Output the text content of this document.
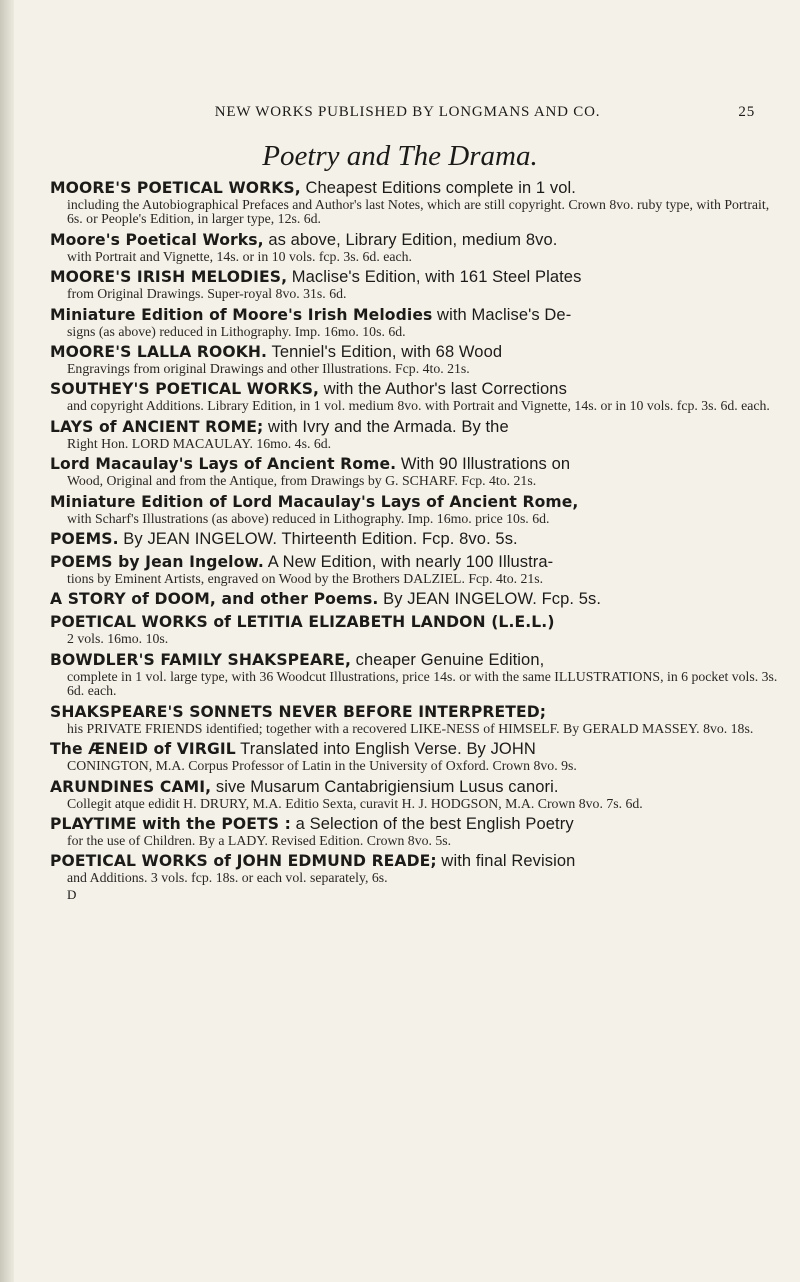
NEW WORKS PUBLISHED BY LONGMANS AND CO.	25
Poetry and The Drama.
MOORE'S POETICAL WORKS, Cheapest Editions complete in 1 vol.
including the Autobiographical Prefaces and Author's last Notes, which are still copyright. Crown 8vo. ruby type, with Portrait, 6s. or People's Edition, in larger type, 12s. 6d.
Moore's Poetical Works, as above, Library Edition, medium 8vo.
with Portrait and Vignette, 14s. or in 10 vols. fcp. 3s. 6d. each.
MOORE'S IRISH MELODIES, Maclise's Edition, with 161 Steel Plates
from Original Drawings. Super-royal 8vo. 31s. 6d.
Miniature Edition of Moore's Irish Melodies with Maclise's De-
signs (as above) reduced in Lithography. Imp. 16mo. 10s. 6d.
MOORE'S LALLA ROOKH. Tenniel's Edition, with 68 Wood
Engravings from original Drawings and other Illustrations. Fcp. 4to. 21s.
SOUTHEY'S POETICAL WORKS, with the Author's last Corrections
and copyright Additions. Library Edition, in 1 vol. medium 8vo. with Portrait and Vignette, 14s. or in 10 vols. fcp. 3s. 6d. each.
LAYS of ANCIENT ROME; with Ivry and the Armada. By the
Right Hon. LORD MACAULAY. 16mo. 4s. 6d.
Lord Macaulay's Lays of Ancient Rome. With 90 Illustrations on
Wood, Original and from the Antique, from Drawings by G. SCHARF. Fcp. 4to. 21s.
Miniature Edition of Lord Macaulay's Lays of Ancient Rome,
with Scharf's Illustrations (as above) reduced in Lithography. Imp. 16mo. price 10s. 6d.
POEMS. By JEAN INGELOW. Thirteenth Edition. Fcp. 8vo. 5s.
POEMS by Jean Ingelow. A New Edition, with nearly 100 Illustra-
tions by Eminent Artists, engraved on Wood by the Brothers DALZIEL. Fcp. 4to. 21s.
A STORY of DOOM, and other Poems. By JEAN INGELOW. Fcp. 5s.
POETICAL WORKS of LETITIA ELIZABETH LANDON (L.E.L.)
2 vols. 16mo. 10s.
BOWDLER'S FAMILY SHAKSPEARE, cheaper Genuine Edition,
complete in 1 vol. large type, with 36 Woodcut Illustrations, price 14s. or with the same ILLUSTRATIONS, in 6 pocket vols. 3s. 6d. each.
SHAKSPEARE'S SONNETS NEVER BEFORE INTERPRETED;
his PRIVATE FRIENDS identified; together with a recovered LIKE-NESS of HIMSELF. By GERALD MASSEY. 8vo. 18s.
The ÆNEID of VIRGIL Translated into English Verse. By JOHN
CONINGTON, M.A. Corpus Professor of Latin in the University of Oxford. Crown 8vo. 9s.
ARUNDINES CAMI, sive Musarum Cantabrigiensium Lusus canori.
Collegit atque edidit H. DRURY, M.A. Editio Sexta, curavit H. J. HODGSON, M.A. Crown 8vo. 7s. 6d.
PLAYTIME with the POETS : a Selection of the best English Poetry
for the use of Children. By a LADY. Revised Edition. Crown 8vo. 5s.
POETICAL WORKS of JOHN EDMUND READE; with final Revision
and Additions. 3 vols. fcp. 18s. or each vol. separately, 6s.
D
